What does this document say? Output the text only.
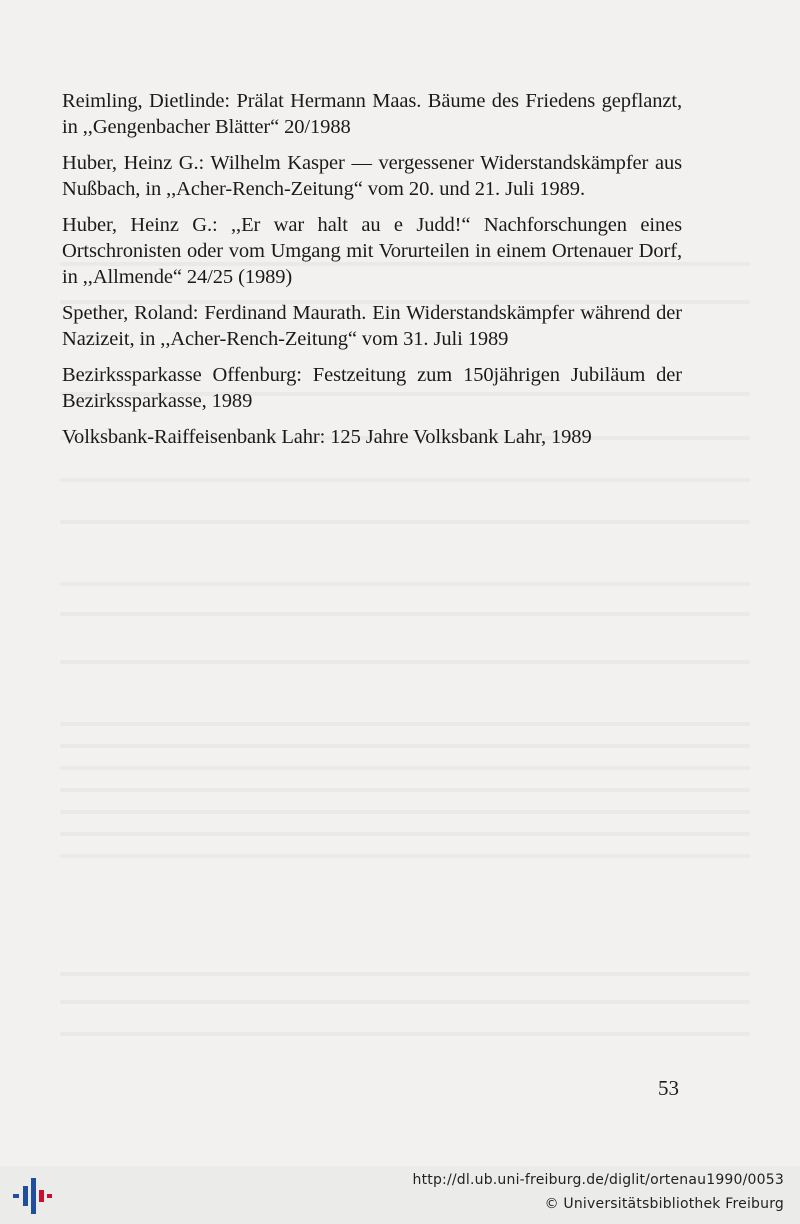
Reimling, Dietlinde: Prälat Hermann Maas. Bäume des Friedens gepflanzt, in ,,Gengenbacher Blätter“ 20/1988

Huber, Heinz G.: Wilhelm Kasper — vergessener Widerstandskämpfer aus Nußbach, in ,,Acher-Rench-Zeitung“ vom 20. und 21. Juli 1989.

Huber, Heinz G.: ,,Er war halt au e Judd!“ Nachforschungen eines Ortschronisten oder vom Umgang mit Vorurteilen in einem Ortenauer Dorf, in ,,Allmende“ 24/25 (1989)

Spether, Roland: Ferdinand Maurath. Ein Widerstandskämpfer während der Nazizeit, in ,,Acher-Rench-Zeitung“ vom 31. Juli 1989

Bezirkssparkasse Offenburg: Festzeitung zum 150jährigen Jubiläum der Bezirkssparkasse, 1989

Volksbank-Raiffeisenbank Lahr: 125 Jahre Volksbank Lahr, 1989

53
http://dl.ub.uni-freiburg.de/diglit/ortenau1990/0053
© Universitätsbibliothek Freiburg
